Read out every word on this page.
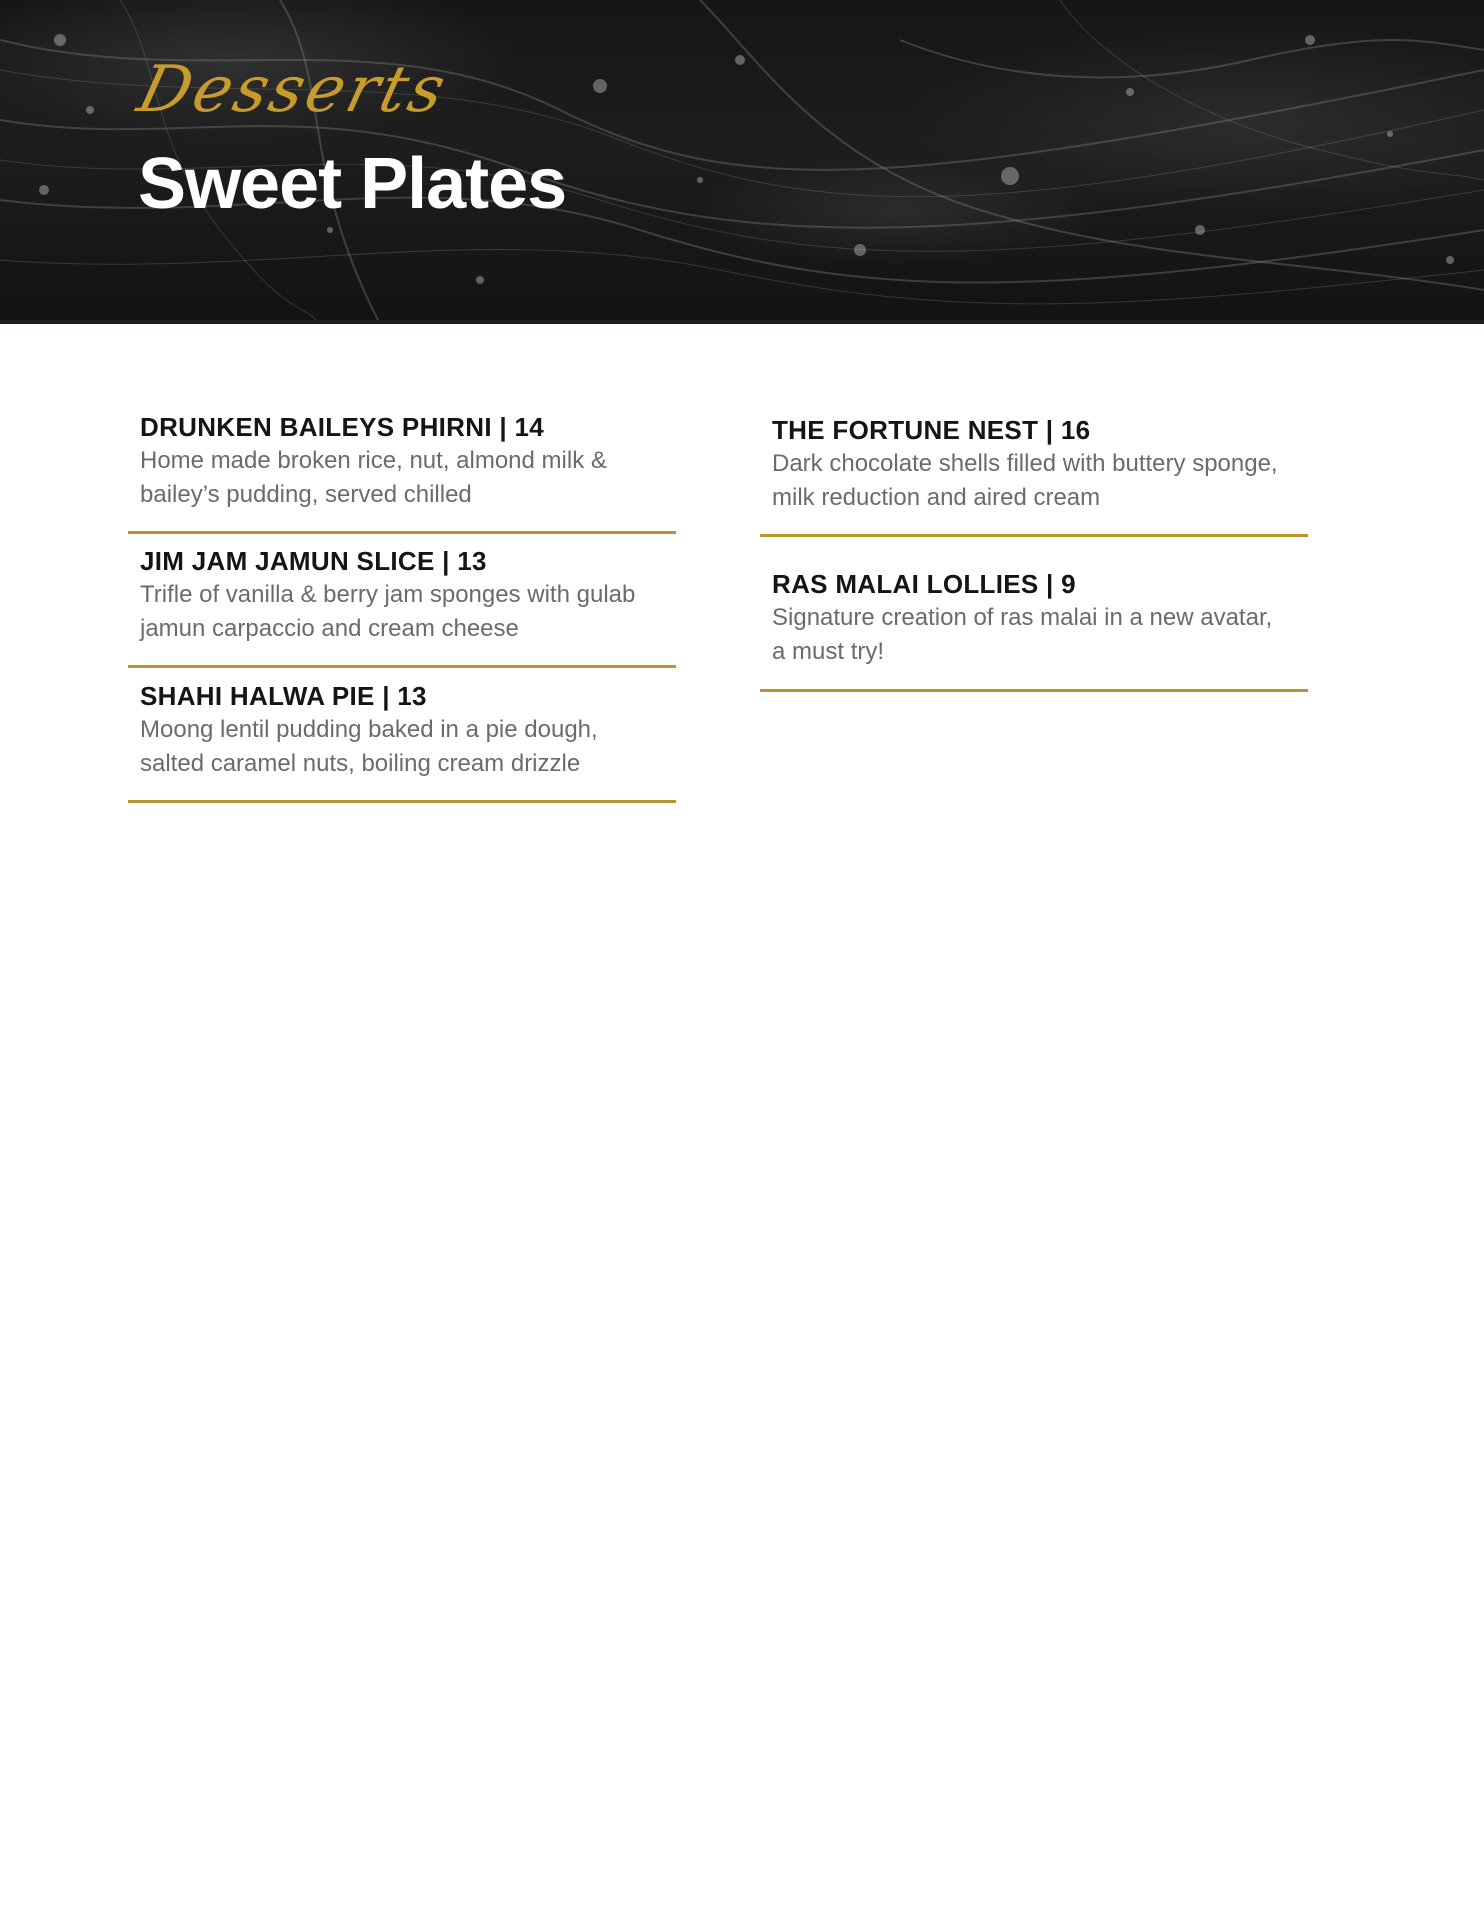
Desserts
Sweet Plates
DRUNKEN BAILEYS PHIRNI | 14
Home made broken rice, nut, almond milk & bailey’s pudding, served chilled
JIM JAM JAMUN SLICE | 13
Trifle of vanilla & berry jam sponges with gulab jamun carpaccio and cream cheese
SHAHI HALWA PIE | 13
Moong lentil pudding baked in a pie dough, salted caramel nuts, boiling cream drizzle
THE FORTUNE NEST | 16
Dark chocolate shells filled with buttery sponge, milk reduction and aired cream
RAS MALAI LOLLIES | 9
Signature creation of ras malai in a new avatar, a must try!
